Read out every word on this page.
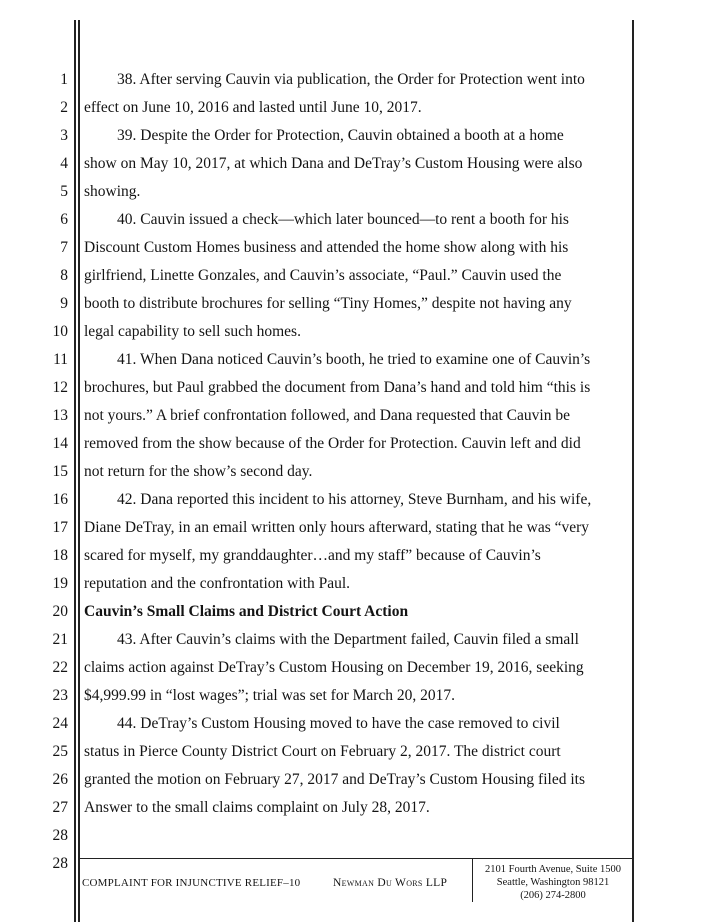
1
2
3
4
5
6
7
8
9
10
11
12
13
14
15
16
17
18
19
20
21
22
23
24
25
26
27
28
28
38. After serving Cauvin via publication, the Order for Protection went into
effect on June 10, 2016 and lasted until June 10, 2017.
39. Despite the Order for Protection, Cauvin obtained a booth at a home
show on May 10, 2017, at which Dana and DeTray’s Custom Housing were also
showing.
40. Cauvin issued a check—which later bounced—to rent a booth for his
Discount Custom Homes business and attended the home show along with his
girlfriend, Linette Gonzales, and Cauvin’s associate, “Paul.” Cauvin used the
booth to distribute brochures for selling “Tiny Homes,” despite not having any
legal capability to sell such homes.
41. When Dana noticed Cauvin’s booth, he tried to examine one of Cauvin’s
brochures, but Paul grabbed the document from Dana’s hand and told him “this is
not yours.” A brief confrontation followed, and Dana requested that Cauvin be
removed from the show because of the Order for Protection. Cauvin left and did
not return for the show’s second day.
42. Dana reported this incident to his attorney, Steve Burnham, and his wife,
Diane DeTray, in an email written only hours afterward, stating that he was “very
scared for myself, my granddaughter…and my staff” because of Cauvin’s
reputation and the confrontation with Paul.
Cauvin’s Small Claims and District Court Action
43. After Cauvin’s claims with the Department failed, Cauvin filed a small
claims action against DeTray’s Custom Housing on December 19, 2016, seeking
$4,999.99 in “lost wages”; trial was set for March 20, 2017.
44. DeTray’s Custom Housing moved to have the case removed to civil
status in Pierce County District Court on February 2, 2017. The district court
granted the motion on February 27, 2017 and DeTray’s Custom Housing filed its
Answer to the small claims complaint on July 28, 2017.
COMPLAINT FOR INJUNCTIVE RELIEF–10	Newman Du Wors LLP
2101 Fourth Avenue, Suite 1500
Seattle, Washington 98121
(206) 274-2800
